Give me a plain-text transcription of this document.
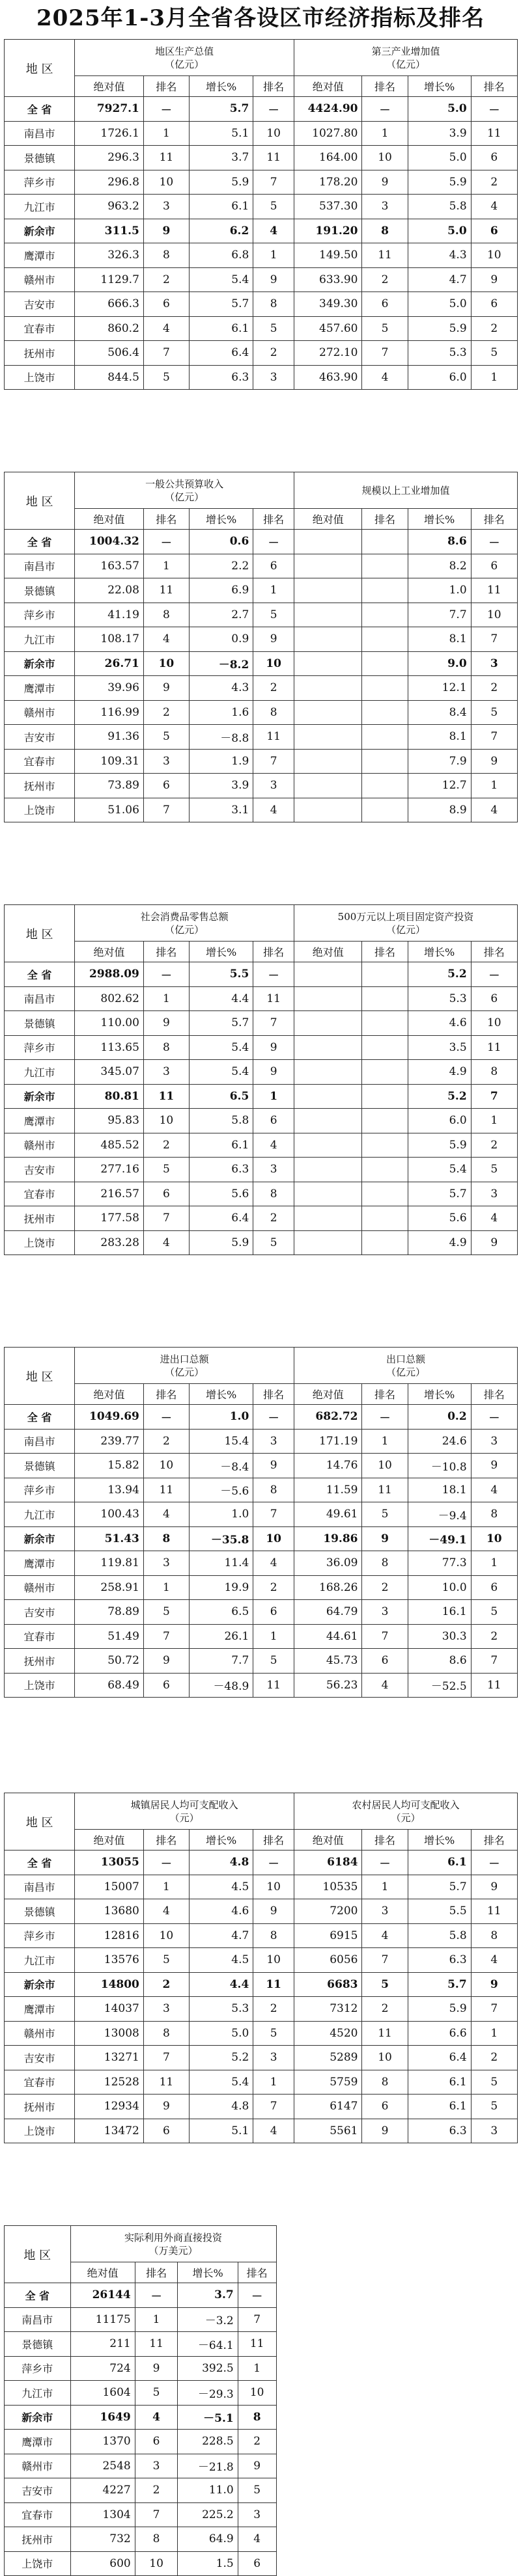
2025年1-3月全省各设区市经济指标及排名
地 区	地区生产总值
（亿元）				第三产业增加值
（亿元）			

	绝对值	排名	增长%	排名	绝对值	排名	增长%	排名
全 省	7927.1	－	5.7	－	4424.90	－	5.0	－
南昌市	1726.1	1	5.1	10	1027.80	1	3.9	11
景德镇	296.3	11	3.7	11	164.00	10	5.0	6
萍乡市	296.8	10	5.9	7	178.20	9	5.9	2
九江市	963.2	3	6.1	5	537.30	3	5.8	4
新余市	311.5	9	6.2	4	191.20	8	5.0	6
鹰潭市	326.3	8	6.8	1	149.50	11	4.3	10
赣州市	1129.7	2	5.4	9	633.90	2	4.7	9
吉安市	666.3	6	5.7	8	349.30	6	5.0	6
宜春市	860.2	4	6.1	5	457.60	5	5.9	2
抚州市	506.4	7	6.4	2	272.10	7	5.3	5
上饶市	844.5	5	6.3	3	463.90	4	6.0	1
地 区	一般公共预算收入
（亿元）				规模以上工业增加值			

	绝对值	排名	增长%	排名	绝对值	排名	增长%	排名
全 省	1004.32	－	0.6	－			8.6	－
南昌市	163.57	1	2.2	6			8.2	6
景德镇	22.08	11	6.9	1			1.0	11
萍乡市	41.19	8	2.7	5			7.7	10
九江市	108.17	4	0.9	9			8.1	7
新余市	26.71	10	－8.2	10			9.0	3
鹰潭市	39.96	9	4.3	2			12.1	2
赣州市	116.99	2	1.6	8			8.4	5
吉安市	91.36	5	－8.8	11			8.1	7
宜春市	109.31	3	1.9	7			7.9	9
抚州市	73.89	6	3.9	3			12.7	1
上饶市	51.06	7	3.1	4			8.9	4
地 区	社会消费品零售总额
（亿元）				500万元以上项目固定资产投资
（亿元）			

	绝对值	排名	增长%	排名	绝对值	排名	增长%	排名
全 省	2988.09	－	5.5	－			5.2	－
南昌市	802.62	1	4.4	11			5.3	6
景德镇	110.00	9	5.7	7			4.6	10
萍乡市	113.65	8	5.4	9			3.5	11
九江市	345.07	3	5.4	9			4.9	8
新余市	80.81	11	6.5	1			5.2	7
鹰潭市	95.83	10	5.8	6			6.0	1
赣州市	485.52	2	6.1	4			5.9	2
吉安市	277.16	5	6.3	3			5.4	5
宜春市	216.57	6	5.6	8			5.7	3
抚州市	177.58	7	6.4	2			5.6	4
上饶市	283.28	4	5.9	5			4.9	9
地 区	进出口总额
（亿元）				出口总额
（亿元）			

	绝对值	排名	增长%	排名	绝对值	排名	增长%	排名
全 省	1049.69	－	1.0	－	682.72	－	0.2	－
南昌市	239.77	2	15.4	3	171.19	1	24.6	3
景德镇	15.82	10	－8.4	9	14.76	10	－10.8	9
萍乡市	13.94	11	－5.6	8	11.59	11	18.1	4
九江市	100.43	4	1.0	7	49.61	5	－9.4	8
新余市	51.43	8	－35.8	10	19.86	9	－49.1	10
鹰潭市	119.81	3	11.4	4	36.09	8	77.3	1
赣州市	258.91	1	19.9	2	168.26	2	10.0	6
吉安市	78.89	5	6.5	6	64.79	3	16.1	5
宜春市	51.49	7	26.1	1	44.61	7	30.3	2
抚州市	50.72	9	7.7	5	45.73	6	8.6	7
上饶市	68.49	6	－48.9	11	56.23	4	－52.5	11
地 区	城镇居民人均可支配收入
（元）				农村居民人均可支配收入
（元）			

	绝对值	排名	增长%	排名	绝对值	排名	增长%	排名
全 省	13055	－	4.8	－	6184	－	6.1	－
南昌市	15007	1	4.5	10	10535	1	5.7	9
景德镇	13680	4	4.6	9	7200	3	5.5	11
萍乡市	12816	10	4.7	8	6915	4	5.8	8
九江市	13576	5	4.5	10	6056	7	6.3	4
新余市	14800	2	4.4	11	6683	5	5.7	9
鹰潭市	14037	3	5.3	2	7312	2	5.9	7
赣州市	13008	8	5.0	5	4520	11	6.6	1
吉安市	13271	7	5.2	3	5289	10	6.4	2
宜春市	12528	11	5.4	1	5759	8	6.1	5
抚州市	12934	9	4.8	7	6147	6	6.1	5
上饶市	13472	6	5.1	4	5561	9	6.3	3
地 区	实际利用外商直接投资
（万美元）			

	绝对值	排名	增长%	排名
全 省	26144	－	3.7	－
南昌市	11175	1	－3.2	7
景德镇	211	11	－64.1	11
萍乡市	724	9	392.5	1
九江市	1604	5	－29.3	10
新余市	1649	4	－5.1	8
鹰潭市	1370	6	228.5	2
赣州市	2548	3	－21.8	9
吉安市	4227	2	11.0	5
宜春市	1304	7	225.2	3
抚州市	732	8	64.9	4
上饶市	600	10	1.5	6
